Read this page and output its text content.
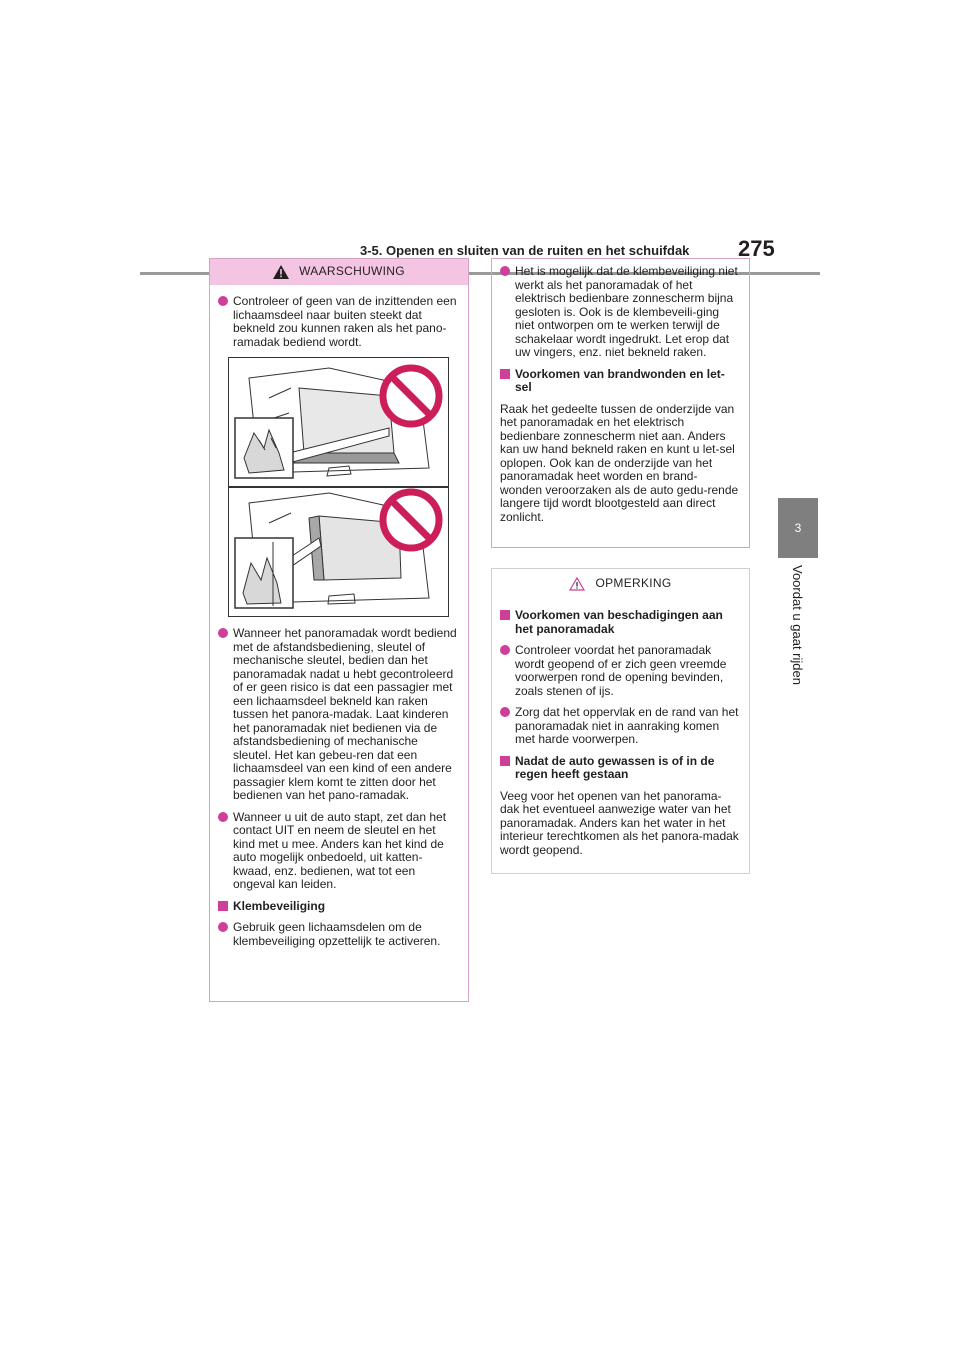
3-5. Openen en sluiten van de ruiten en het schuifdak 275
3
Voordat u gaat rijden
WAARSCHUWING
Controleer of geen van de inzittenden een lichaamsdeel naar buiten steekt dat bekneld zou kunnen raken als het pano-ramadak bediend wordt.
Wanneer het panoramadak wordt bediend met de afstandsbediening, sleutel of mechanische sleutel, bedien dan het panoramadak nadat u hebt gecontroleerd of er geen risico is dat een passagier met een lichaamsdeel bekneld kan raken tussen het panora-madak. Laat kinderen het panoramadak niet bedienen via de afstandsbediening of mechanische sleutel. Het kan gebeu-ren dat een lichaamsdeel van een kind of een andere passagier klem komt te zitten door het bedienen van het pano-ramadak.
Wanneer u uit de auto stapt, zet dan het contact UIT en neem de sleutel en het kind met u mee. Anders kan het kind de auto mogelijk onbedoeld, uit katten-kwaad, enz. bedienen, wat tot een ongeval kan leiden.
Klembeveiliging
Gebruik geen lichaamsdelen om de klembeveiliging opzettelijk te activeren.
Het is mogelijk dat de klembeveiliging niet werkt als het panoramadak of het elektrisch bedienbare zonnescherm bijna gesloten is. Ook is de klembeveili-ging niet ontworpen om te werken terwijl de schakelaar wordt ingedrukt. Let erop dat uw vingers, enz. niet bekneld raken.
Voorkomen van brandwonden en let-sel
Raak het gedeelte tussen de onderzijde van het panoramadak en het elektrisch bedienbare zonnescherm niet aan. Anders kan uw hand bekneld raken en kunt u let-sel oplopen. Ook kan de onderzijde van het panoramadak heet worden en brand-wonden veroorzaken als de auto gedu-rende langere tijd wordt blootgesteld aan direct zonlicht.
OPMERKING
Voorkomen van beschadigingen aan het panoramadak
Controleer voordat het panoramadak wordt geopend of er zich geen vreemde voorwerpen rond de opening bevinden, zoals stenen of ijs.
Zorg dat het oppervlak en de rand van het panoramadak niet in aanraking komen met harde voorwerpen.
Nadat de auto gewassen is of in de regen heeft gestaan
Veeg voor het openen van het panorama-dak het eventueel aanwezige water van het panoramadak. Anders kan het water in het interieur terechtkomen als het panora-madak wordt geopend.
